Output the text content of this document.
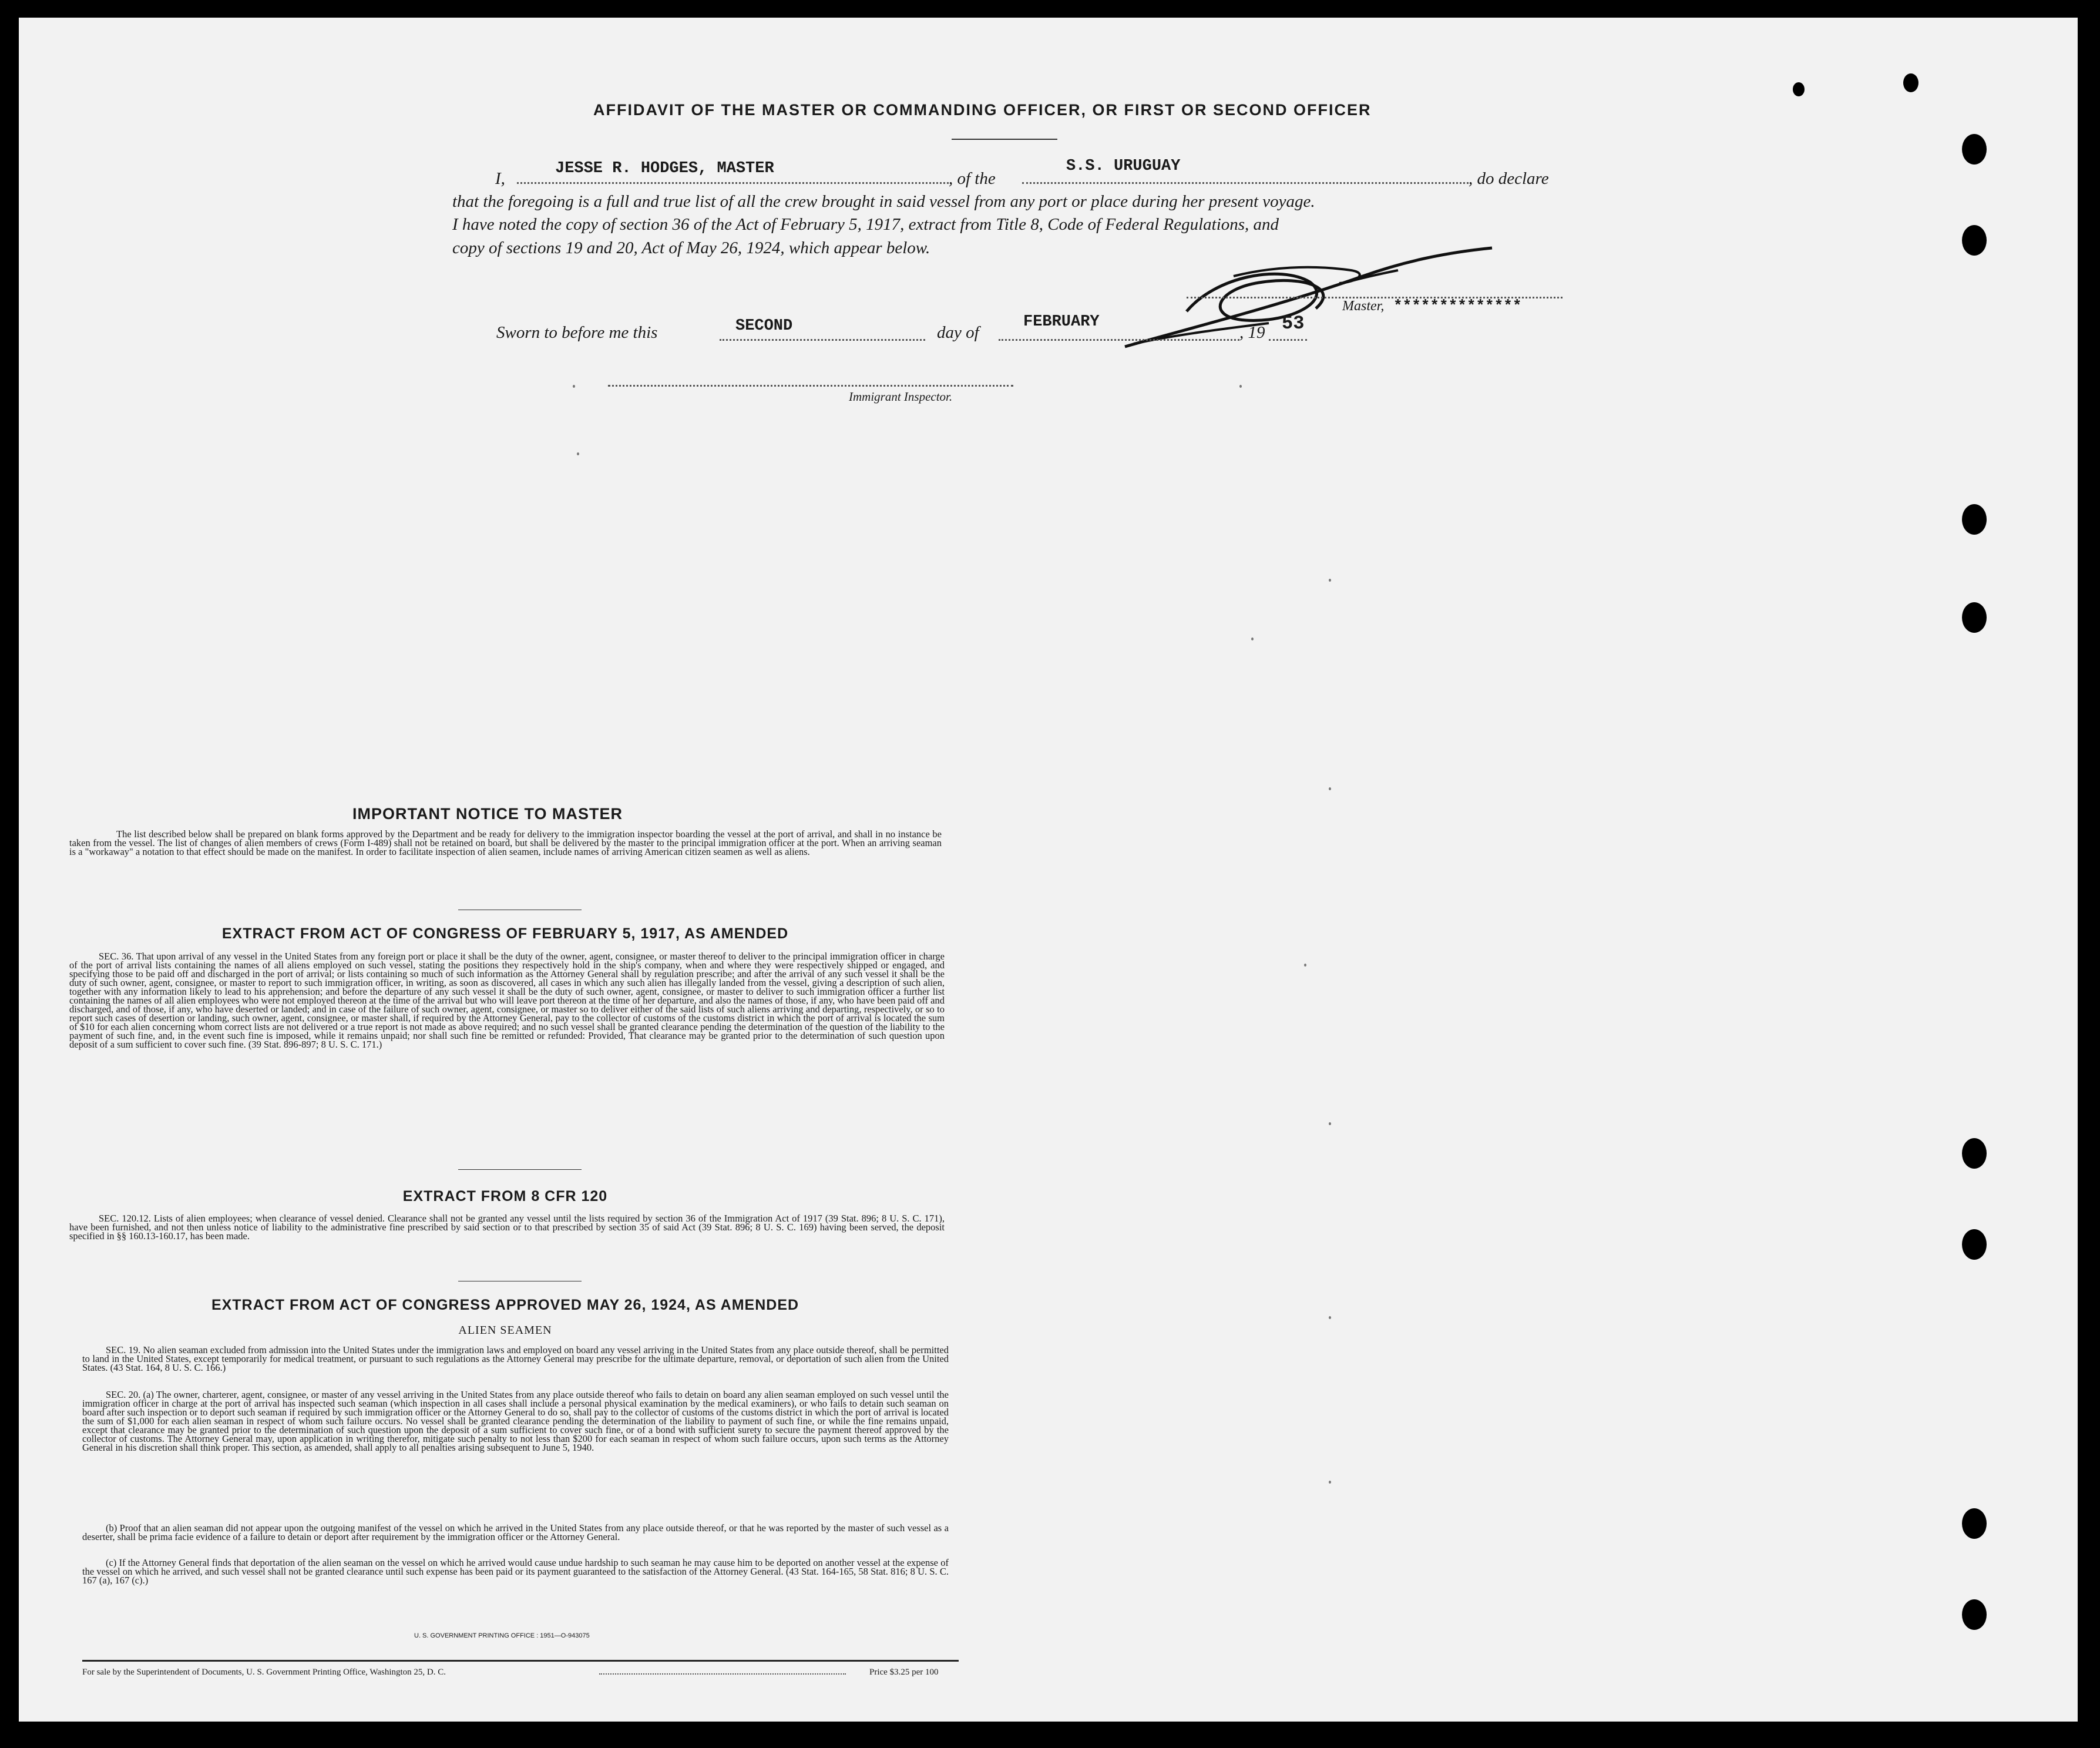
AFFIDAVIT OF THE MASTER OR COMMANDING OFFICER, OR FIRST OR SECOND OFFICER
I,
JESSE R. HODGES, MASTER
, of the
S.S. URUGUAY
, do declare
that the foregoing is a full and true list of all the crew brought in said vessel from any port or place during her present voyage.
I have noted the copy of section 36 of the Act of February 5, 1917, extract from Title 8, Code of Federal Regulations, and
copy of sections 19 and 20, Act of May 26, 1924, which appear below.
Master, **************
Sworn to before me this	SECOND	day of
FEBRUARY
, 19 53
Immigrant Inspector.
IMPORTANT NOTICE TO MASTER
The list described below shall be prepared on blank forms approved by the Department and be ready for delivery to the immigration inspector boarding the vessel at the port of arrival, and shall in no instance be taken from the vessel. The list of changes of alien members of crews (Form I-489) shall not be retained on board, but shall be delivered by the master to the principal immigration officer at the port. When an arriving seaman is a "workaway" a notation to that effect should be made on the manifest. In order to facilitate inspection of alien seamen, include names of arriving American citizen seamen as well as aliens.
EXTRACT FROM ACT OF CONGRESS OF FEBRUARY 5, 1917, AS AMENDED
SEC. 36. That upon arrival of any vessel in the United States from any foreign port or place it shall be the duty of the owner, agent, consignee, or master thereof to deliver to the principal immigration officer in charge of the port of arrival lists containing the names of all aliens employed on such vessel, stating the positions they respectively hold in the ship's company, when and where they were respectively shipped or engaged, and specifying those to be paid off and discharged in the port of arrival; or lists containing so much of such information as the Attorney General shall by regulation prescribe; and after the arrival of any such vessel it shall be the duty of such owner, agent, consignee, or master to report to such immigration officer, in writing, as soon as discovered, all cases in which any such alien has illegally landed from the vessel, giving a description of such alien, together with any information likely to lead to his apprehension; and before the departure of any such vessel it shall be the duty of such owner, agent, consignee, or master to deliver to such immigration officer a further list containing the names of all alien employees who were not employed thereon at the time of the arrival but who will leave port thereon at the time of her departure, and also the names of those, if any, who have been paid off and discharged, and of those, if any, who have deserted or landed; and in case of the failure of such owner, agent, consignee, or master so to deliver either of the said lists of such aliens arriving and departing, respectively, or so to report such cases of desertion or landing, such owner, agent, consignee, or master shall, if required by the Attorney General, pay to the collector of customs of the customs district in which the port of arrival is located the sum of $10 for each alien concerning whom correct lists are not delivered or a true report is not made as above required; and no such vessel shall be granted clearance pending the determination of the question of the liability to the payment of such fine, and, in the event such fine is imposed, while it remains unpaid; nor shall such fine be remitted or refunded: Provided, That clearance may be granted prior to the determination of such question upon deposit of a sum sufficient to cover such fine. (39 Stat. 896-897; 8 U. S. C. 171.)
EXTRACT FROM 8 CFR 120
SEC. 120.12. Lists of alien employees; when clearance of vessel denied. Clearance shall not be granted any vessel until the lists required by section 36 of the Immigration Act of 1917 (39 Stat. 896; 8 U. S. C. 171), have been furnished, and not then unless notice of liability to the administrative fine prescribed by said section or to that prescribed by section 35 of said Act (39 Stat. 896; 8 U. S. C. 169) having been served, the deposit specified in §§ 160.13-160.17, has been made.
EXTRACT FROM ACT OF CONGRESS APPROVED MAY 26, 1924, AS AMENDED
ALIEN SEAMEN
SEC. 19. No alien seaman excluded from admission into the United States under the immigration laws and employed on board any vessel arriving in the United States from any place outside thereof, shall be permitted to land in the United States, except temporarily for medical treatment, or pursuant to such regulations as the Attorney General may prescribe for the ultimate departure, removal, or deportation of such alien from the United States. (43 Stat. 164, 8 U. S. C. 166.)
SEC. 20. (a) The owner, charterer, agent, consignee, or master of any vessel arriving in the United States from any place outside thereof who fails to detain on board any alien seaman employed on such vessel until the immigration officer in charge at the port of arrival has inspected such seaman (which inspection in all cases shall include a personal physical examination by the medical examiners), or who fails to detain such seaman on board after such inspection or to deport such seaman if required by such immigration officer or the Attorney General to do so, shall pay to the collector of customs of the customs district in which the port of arrival is located the sum of $1,000 for each alien seaman in respect of whom such failure occurs. No vessel shall be granted clearance pending the determination of the liability to payment of such fine, or while the fine remains unpaid, except that clearance may be granted prior to the determination of such question upon the deposit of a sum sufficient to cover such fine, or of a bond with sufficient surety to secure the payment thereof approved by the collector of customs. The Attorney General may, upon application in writing therefor, mitigate such penalty to not less than $200 for each seaman in respect of whom such failure occurs, upon such terms as the Attorney General in his discretion shall think proper. This section, as amended, shall apply to all penalties arising subsequent to June 5, 1940.
(b) Proof that an alien seaman did not appear upon the outgoing manifest of the vessel on which he arrived in the United States from any place outside thereof, or that he was reported by the master of such vessel as a deserter, shall be prima facie evidence of a failure to detain or deport after requirement by the immigration officer or the Attorney General.
(c) If the Attorney General finds that deportation of the alien seaman on the vessel on which he arrived would cause undue hardship to such seaman he may cause him to be deported on another vessel at the expense of the vessel on which he arrived, and such vessel shall not be granted clearance until such expense has been paid or its payment guaranteed to the satisfaction of the Attorney General. (43 Stat. 164-165, 58 Stat. 816; 8 U. S. C. 167 (a), 167 (c).)
U. S. GOVERNMENT PRINTING OFFICE : 1951—O-943075
For sale by the Superintendent of Documents, U. S. Government Printing Office, Washington 25, D. C.	Price $3.25 per 100
